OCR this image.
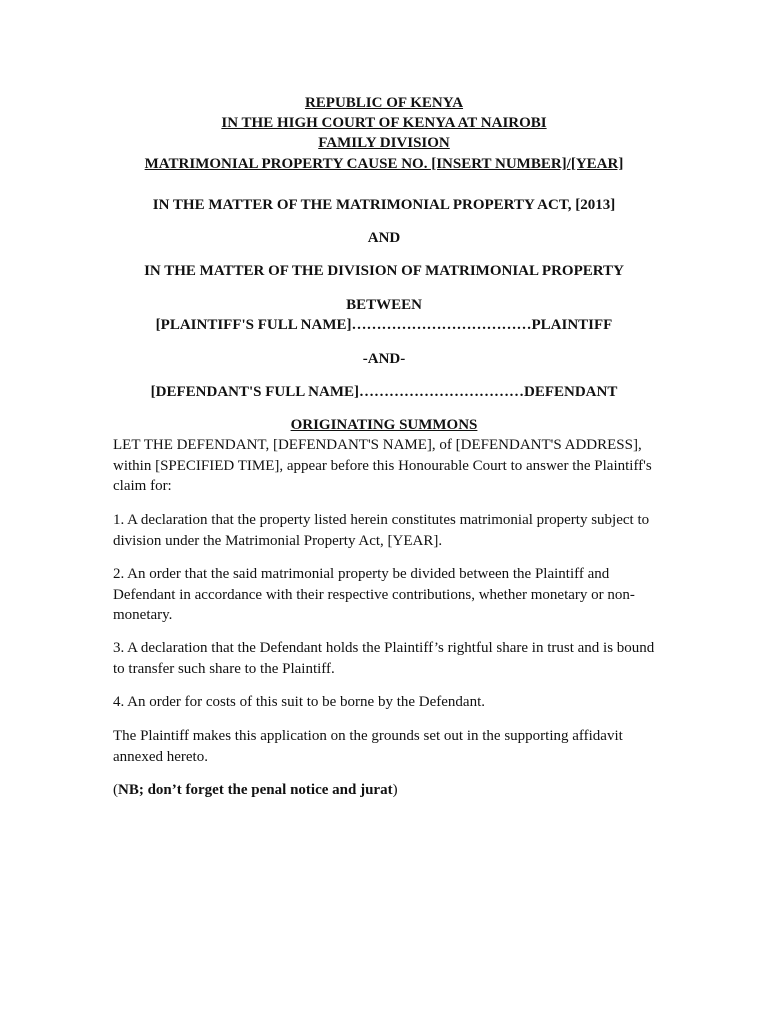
REPUBLIC OF KENYA
IN THE HIGH COURT OF KENYA AT NAIROBI
FAMILY DIVISION
MATRIMONIAL PROPERTY CAUSE NO. [INSERT NUMBER]/[YEAR]
IN THE MATTER OF THE MATRIMONIAL PROPERTY ACT, [2013]
AND
IN THE MATTER OF THE DIVISION OF MATRIMONIAL PROPERTY
BETWEEN
[PLAINTIFF'S FULL NAME]………………………………PLAINTIFF
-AND-
[DEFENDANT'S FULL NAME]……………………………DEFENDANT
ORIGINATING SUMMONS
LET THE DEFENDANT, [DEFENDANT'S NAME], of [DEFENDANT'S ADDRESS], within [SPECIFIED TIME], appear before this Honourable Court to answer the Plaintiff's claim for:
1. A declaration that the property listed herein constitutes matrimonial property subject to division under the Matrimonial Property Act, [YEAR].
2. An order that the said matrimonial property be divided between the Plaintiff and Defendant in accordance with their respective contributions, whether monetary or non-monetary.
3. A declaration that the Defendant holds the Plaintiff’s rightful share in trust and is bound to transfer such share to the Plaintiff.
4. An order for costs of this suit to be borne by the Defendant.
The Plaintiff makes this application on the grounds set out in the supporting affidavit annexed hereto.
(NB; don’t forget the penal notice and jurat)
